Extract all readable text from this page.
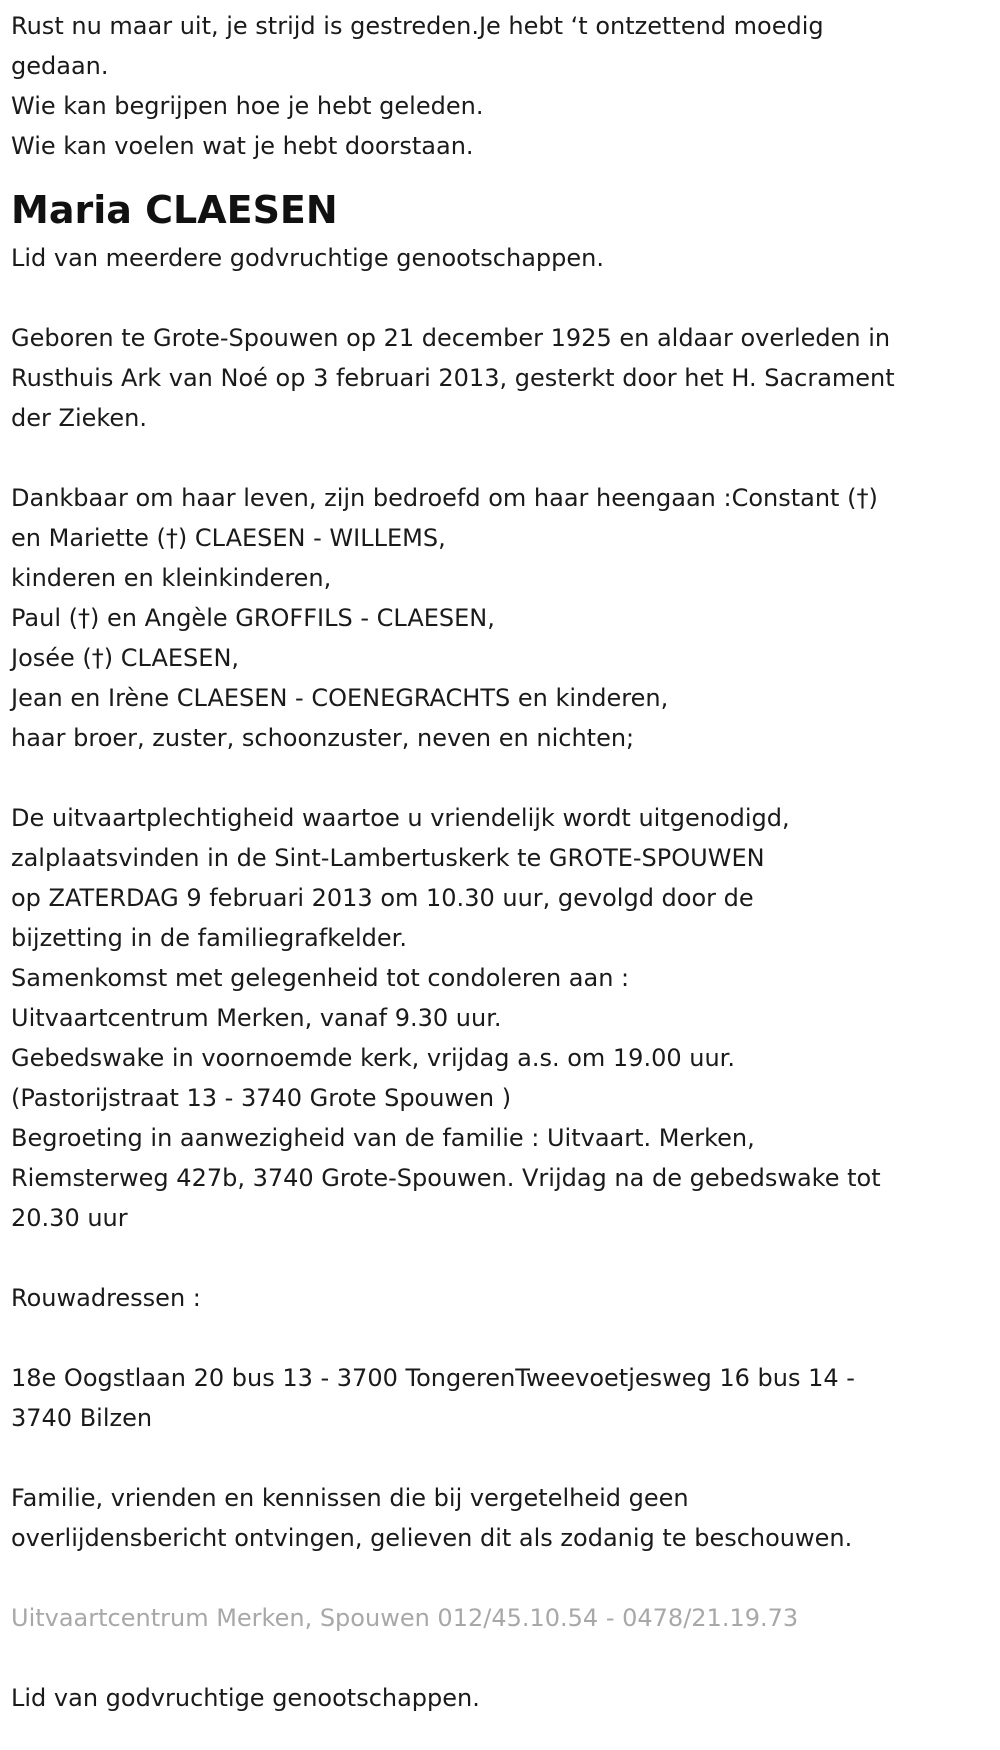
Rust nu maar uit, je strijd is gestreden.Je hebt ‘t ontzettend moedig
gedaan.
Wie kan begrijpen hoe je hebt geleden.
Wie kan voelen wat je hebt doorstaan.
Maria CLAESEN
Lid van meerdere godvruchtige genootschappen.
Geboren te Grote-Spouwen op 21 december 1925 en aldaar overleden in
Rusthuis Ark van Noé op 3 februari 2013, gesterkt door het H. Sacrament
der Zieken.
Dankbaar om haar leven, zijn bedroefd om haar heengaan :Constant (†)
en Mariette (†) CLAESEN - WILLEMS,
kinderen en kleinkinderen,
Paul (†) en Angèle GROFFILS - CLAESEN,
Josée (†) CLAESEN,
Jean en Irène CLAESEN - COENEGRACHTS en kinderen,
haar broer, zuster, schoonzuster, neven en nichten;
De uitvaartplechtigheid waartoe u vriendelijk wordt uitgenodigd,
zalplaatsvinden in de Sint-Lambertuskerk te GROTE-SPOUWEN
op ZATERDAG 9 februari 2013 om 10.30 uur, gevolgd door de
bijzetting in de familiegrafkelder.
Samenkomst met gelegenheid tot condoleren aan :
Uitvaartcentrum Merken, vanaf 9.30 uur.
Gebedswake in voornoemde kerk, vrijdag a.s. om 19.00 uur.
(Pastorijstraat 13 - 3740 Grote Spouwen )
Begroeting in aanwezigheid van de familie : Uitvaart. Merken,
Riemsterweg 427b, 3740 Grote-Spouwen. Vrijdag na de gebedswake tot
20.30 uur
Rouwadressen :
18e Oogstlaan 20 bus 13 - 3700 TongerenTweevoetjesweg 16 bus 14 -
3740 Bilzen
Familie, vrienden en kennissen die bij vergetelheid geen
overlijdensbericht ontvingen, gelieven dit als zodanig te beschouwen.
Uitvaartcentrum Merken, Spouwen 012/45.10.54 - 0478/21.19.73
Lid van godvruchtige genootschappen.
